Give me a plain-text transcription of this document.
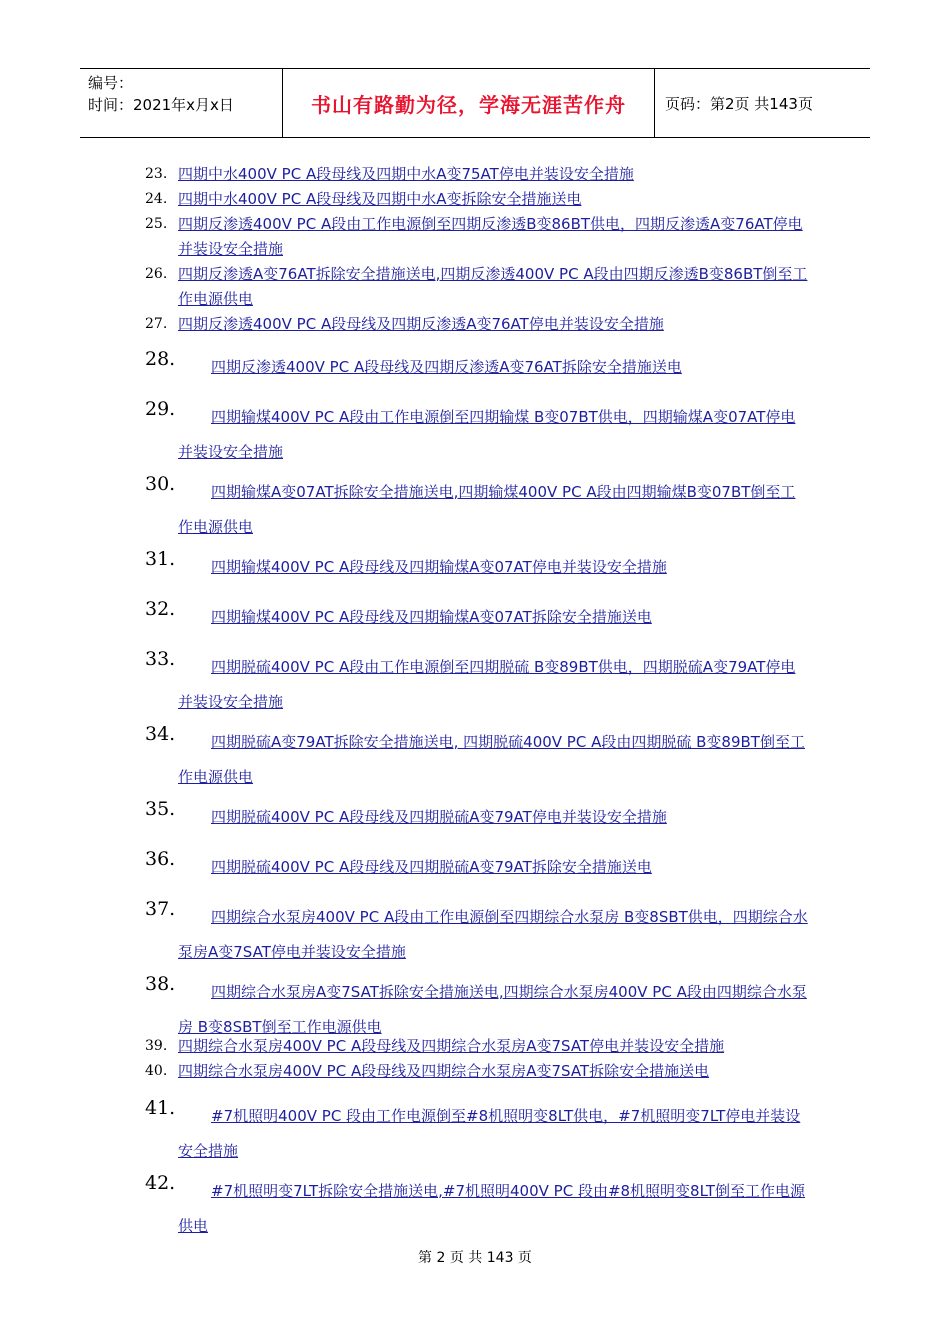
编号：
时间：2021年x月x日	书山有路勤为径，学海无涯苦作舟	页码：第2页 共143页
23. 四期中水400V PC A段母线及四期中水A变75AT停电并装设安全措施
24. 四期中水400V PC A段母线及四期中水A变拆除安全措施送电
25. 四期反渗透400V PC A段由工作电源倒至四期反渗透B变86BT供电，四期反渗透A变76AT停电并装设安全措施
26. 四期反渗透A变76AT拆除安全措施送电,四期反渗透400V PC A段由四期反渗透B变86BT倒至工作电源供电
27. 四期反渗透400V PC A段母线及四期反渗透A变76AT停电并装设安全措施
28.	四期反渗透400V PC A段母线及四期反渗透A变76AT拆除安全措施送电
29.	四期输煤400V PC A段由工作电源倒至四期输煤 B变07BT供电，四期输煤A变07AT停电并装设安全措施
30.	四期输煤A变07AT拆除安全措施送电,四期输煤400V PC A段由四期输煤B变07BT倒至工作电源供电
31.	四期输煤400V PC A段母线及四期输煤A变07AT停电并装设安全措施
32.	四期输煤400V PC A段母线及四期输煤A变07AT拆除安全措施送电
33.	四期脱硫400V PC A段由工作电源倒至四期脱硫 B变89BT供电，四期脱硫A变79AT停电并装设安全措施
34.	四期脱硫A变79AT拆除安全措施送电, 四期脱硫400V PC A段由四期脱硫 B变89BT倒至工作电源供电
35.	四期脱硫400V PC A段母线及四期脱硫A变79AT停电并装设安全措施
36.	四期脱硫400V PC A段母线及四期脱硫A变79AT拆除安全措施送电
37.	四期综合水泵房400V PC A段由工作电源倒至四期综合水泵房 B变8SBT供电，四期综合水泵房A变7SAT停电并装设安全措施
38.	四期综合水泵房A变7SAT拆除安全措施送电,四期综合水泵房400V PC A段由四期综合水泵房 B变8SBT倒至工作电源供电
39. 四期综合水泵房400V PC A段母线及四期综合水泵房A变7SAT停电并装设安全措施
40. 四期综合水泵房400V PC A段母线及四期综合水泵房A变7SAT拆除安全措施送电
41.	#7机照明400V PC 段由工作电源倒至#8机照明变8LT供电，#7机照明变7LT停电并装设安全措施
42.	#7机照明变7LT拆除安全措施送电,#7机照明400V PC 段由#8机照明变8LT倒至工作电源供电
第 2 页 共 143 页
